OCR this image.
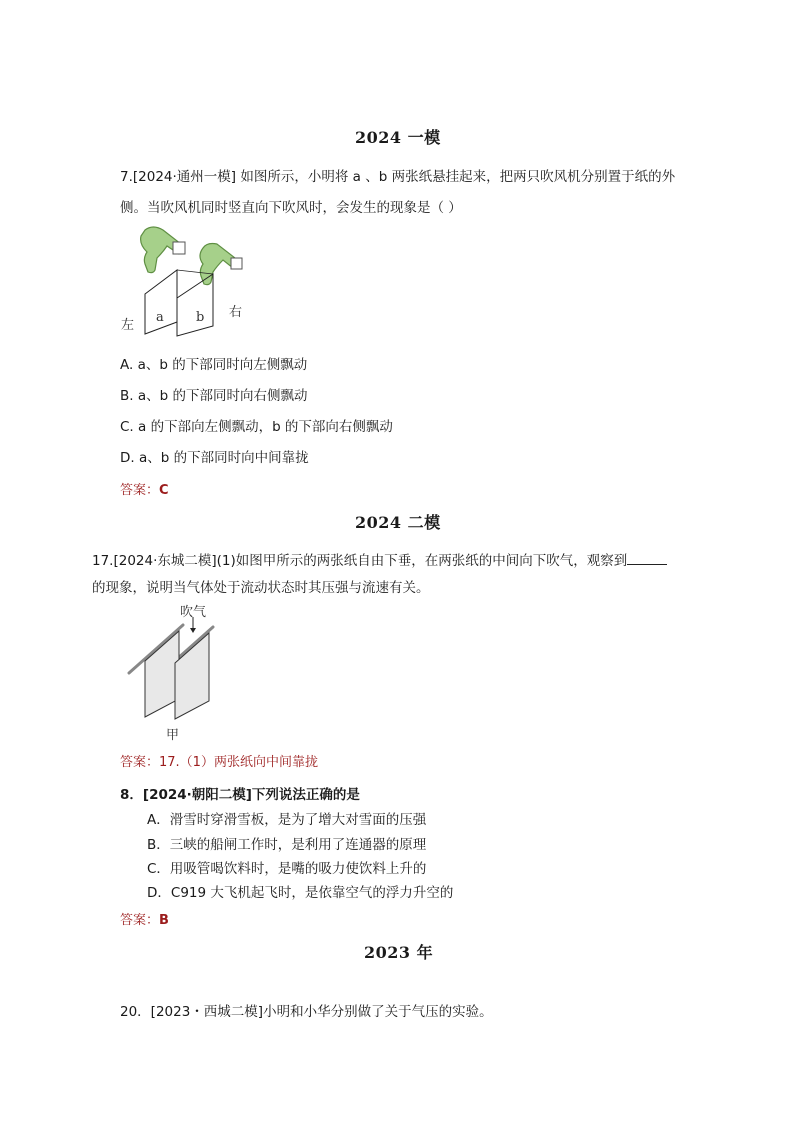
2024 一模
7.[2024·通州一模] 如图所示，小明将 a 、b 两张纸悬挂起来，把两只吹风机分别置于纸的外
侧。当吹风机同时竖直向下吹风时，会发生的现象是（ ）
左
a b 右
A. a、b 的下部同时向左侧飘动
B. a、b 的下部同时向右侧飘动
C. a 的下部向左侧飘动，b 的下部向右侧飘动
D. a、b 的下部同时向中间靠拢
答案：C
2024 二模
17.[2024·东城二模](1)如图甲所示的两张纸自由下垂，在两张纸的中间向下吹气，观察到
的现象，说明当气体处于流动状态时其压强与流速有关。
吹气
甲
答案：17.（1）两张纸向中间靠拢
8．[2024·朝阳二模]下列说法正确的是
A．滑雪时穿滑雪板，是为了增大对雪面的压强
B．三峡的船闸工作时，是利用了连通器的原理
C．用吸管喝饮料时，是嘴的吸力使饮料上升的
D．C919 大飞机起飞时，是依靠空气的浮力升空的
答案：B
2023 年
20．[2023・西城二模]小明和小华分别做了关于气压的实验。
